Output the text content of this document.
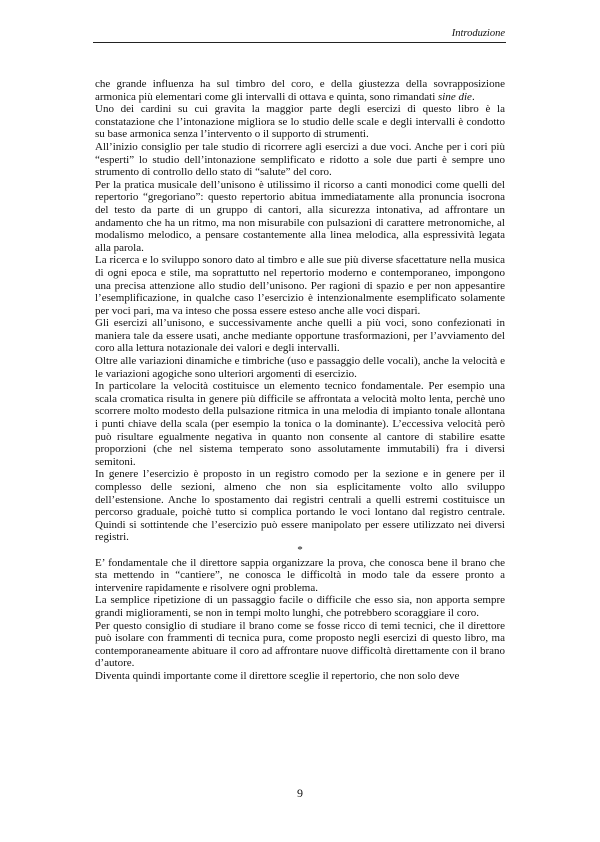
Introduzione

che grande influenza ha sul timbro del coro, e della giustezza della sovrapposizione armonica più elementari come gli intervalli di ottava e quinta, sono rimandati sine die.

Uno dei cardini su cui gravita la maggior parte degli esercizi di questo libro è la constatazione che l’intonazione migliora se lo studio delle scale e degli intervalli è condotto su base armonica senza l’intervento o il supporto di strumenti.

All’inizio consiglio per tale studio di ricorrere agli esercizi a due voci. Anche per i cori più “esperti” lo studio dell’intonazione semplificato e ridotto a sole due parti è sempre uno strumento di controllo dello stato di “salute” del coro.

Per la pratica musicale dell’unisono è utilissimo il ricorso a canti monodici come quelli del repertorio “gregoriano”: questo repertorio abitua immediatamente alla pronuncia isocrona del testo da parte di un gruppo di cantori, alla sicurezza intonativa, ad affrontare un andamento che ha un ritmo, ma non misurabile con pulsazioni di carattere metronomiche, al modalismo melodico, a pensare costantemente alla linea melodica, alla espressività legata alla parola.

La ricerca e lo sviluppo sonoro dato al timbro e alle sue più diverse sfacettature nella musica di ogni epoca e stile, ma soprattutto nel repertorio moderno e contemporaneo, impongono una precisa attenzione allo studio dell’unisono. Per ragioni di spazio e per non appesantire l’esemplificazione, in qualche caso l’esercizio è intenzionalmente esemplificato solamente per voci pari, ma va inteso che possa essere esteso anche alle voci dispari.

Gli esercizi all’unisono, e successivamente anche quelli a più voci, sono confezionati in maniera tale da essere usati, anche mediante opportune trasformazioni, per l’avviamento del coro alla lettura notazionale dei valori e degli intervalli.

Oltre alle variazioni dinamiche e timbriche (uso e passaggio delle vocali), anche la velocità e le variazioni agogiche sono ulteriori argomenti di esercizio.

In particolare la velocità costituisce un elemento tecnico fondamentale. Per esempio una scala cromatica risulta in genere più difficile se affrontata a velocità molto lenta, perchè uno scorrere molto modesto della pulsazione ritmica in una melodia di impianto tonale allontana i punti chiave della scala (per esempio la tonica o la dominante). L’eccessiva velocità però può risultare egualmente negativa in quanto non consente al cantore di stabilire esatte proporzioni (che nel sistema temperato sono assolutamente immutabili) fra i diversi semitoni.

In genere l’esercizio è proposto in un registro comodo per la sezione e in genere per il complesso delle sezioni, almeno che non sia esplicitamente volto allo sviluppo dell’estensione. Anche lo spostamento dai registri centrali a quelli estremi costituisce un percorso graduale, poichè tutto si complica portando le voci lontano dal registro centrale. Quindi si sottintende che l’esercizio può essere manipolato per essere utilizzato nei diversi registri.

*

E’ fondamentale che il direttore sappia organizzare la prova, che conosca bene il brano che sta mettendo in “cantiere”, ne conosca le difficoltà in modo tale da essere pronto a intervenire rapidamente e risolvere ogni problema.

La semplice ripetizione di un passaggio facile o difficile che esso sia, non apporta sempre grandi miglioramenti, se non in tempi molto lunghi, che potrebbero scoraggiare il coro.

Per questo consiglio di studiare il brano come se fosse ricco di temi tecnici, che il direttore può isolare con frammenti di tecnica pura, come proposto negli esercizi di questo libro, ma contemporaneamente abituare il coro ad affrontare nuove difficoltà direttamente con il brano d’autore.

Diventa quindi importante come il direttore sceglie il repertorio, che non solo deve

9
